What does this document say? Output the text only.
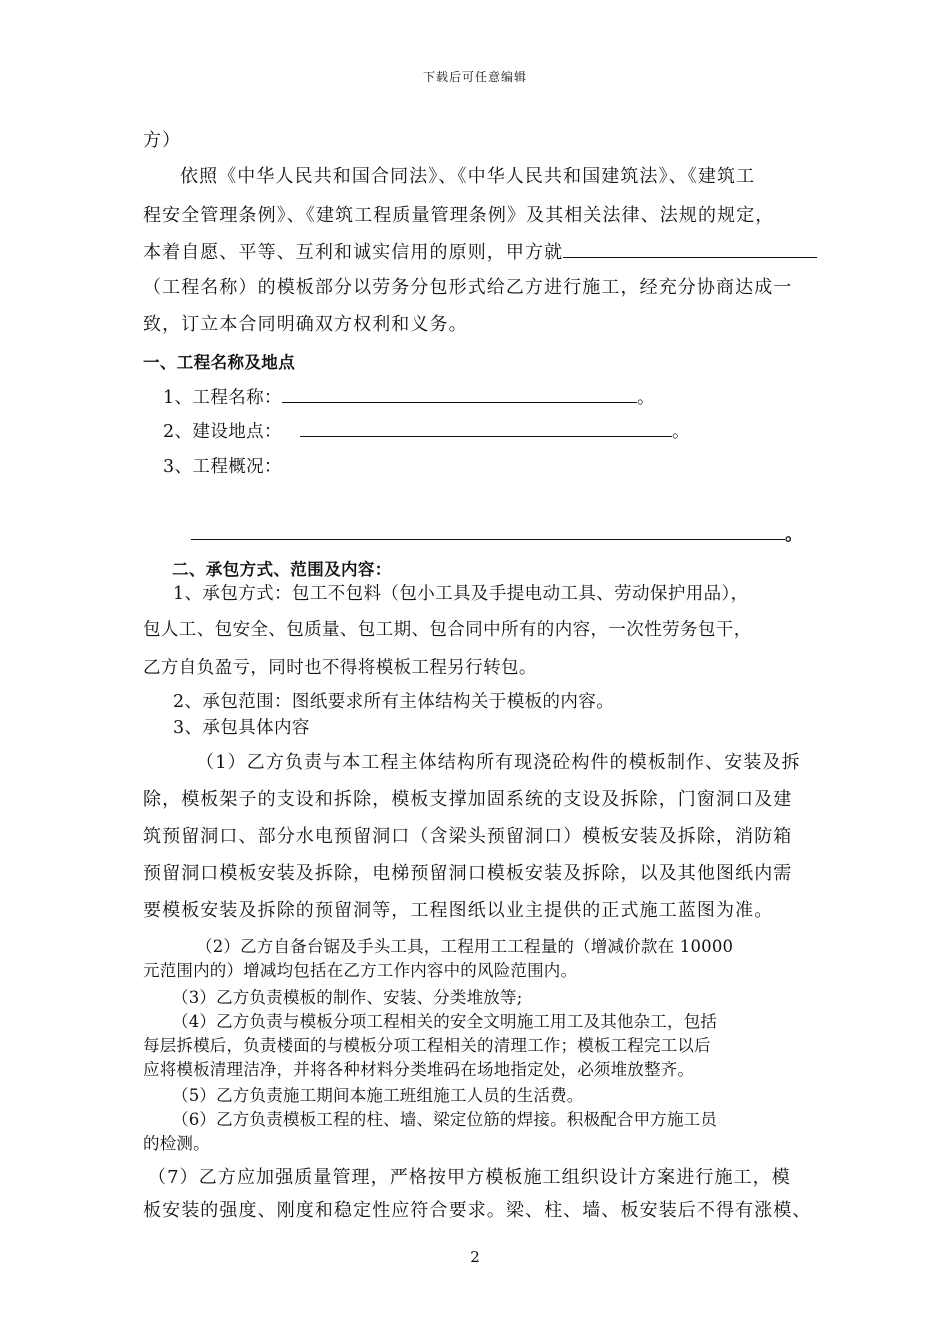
下载后可任意编辑
方）
依照《中华人民共和国合同法》、《中华人民共和国建筑法》、《建筑工
程安全管理条例》、《建筑工程质量管理条例》及其相关法律、法规的规定，
本着自愿、平等、互利和诚实信用的原则，甲方就
（工程名称）的模板部分以劳务分包形式给乙方进行施工，经充分协商达成一
致，订立本合同明确双方权利和义务。
一、工程名称及地点
1、工程名称：	。
2、建设地点：	。
3、工程概况：
。
二、承包方式、范围及内容：
1、承包方式：包工不包料（包小工具及手提电动工具、劳动保护用品），
包人工、包安全、包质量、包工期、包合同中所有的内容，一次性劳务包干，
乙方自负盈亏，同时也不得将模板工程另行转包。
2、承包范围：图纸要求所有主体结构关于模板的内容。
3、承包具体内容
（1）乙方负责与本工程主体结构所有现浇砼构件的模板制作、安装及拆
除，模板架子的支设和拆除，模板支撑加固系统的支设及拆除，门窗洞口及建
筑预留洞口、部分水电预留洞口（含梁头预留洞口）模板安装及拆除，消防箱
预留洞口模板安装及拆除，电梯预留洞口模板安装及拆除，以及其他图纸内需
要模板安装及拆除的预留洞等，工程图纸以业主提供的正式施工蓝图为准。
（2）乙方自备台锯及手头工具，工程用工工程量的（增减价款在 10000
元范围内的）增减均包括在乙方工作内容中的风险范围内。
（3）乙方负责模板的制作、安装、分类堆放等;
（4）乙方负责与模板分项工程相关的安全文明施工用工及其他杂工，包括
每层拆模后，负责楼面的与模板分项工程相关的清理工作；模板工程完工以后
应将模板清理洁净，并将各种材料分类堆码在场地指定处，必须堆放整齐。
（5）乙方负责施工期间本施工班组施工人员的生活费。
（6）乙方负责模板工程的柱、墙、梁定位筋的焊接。积极配合甲方施工员
的检测。
（7）乙方应加强质量管理，严格按甲方模板施工组织设计方案进行施工，模
板安装的强度、刚度和稳定性应符合要求。梁、柱、墙、板安装后不得有涨模、
2
